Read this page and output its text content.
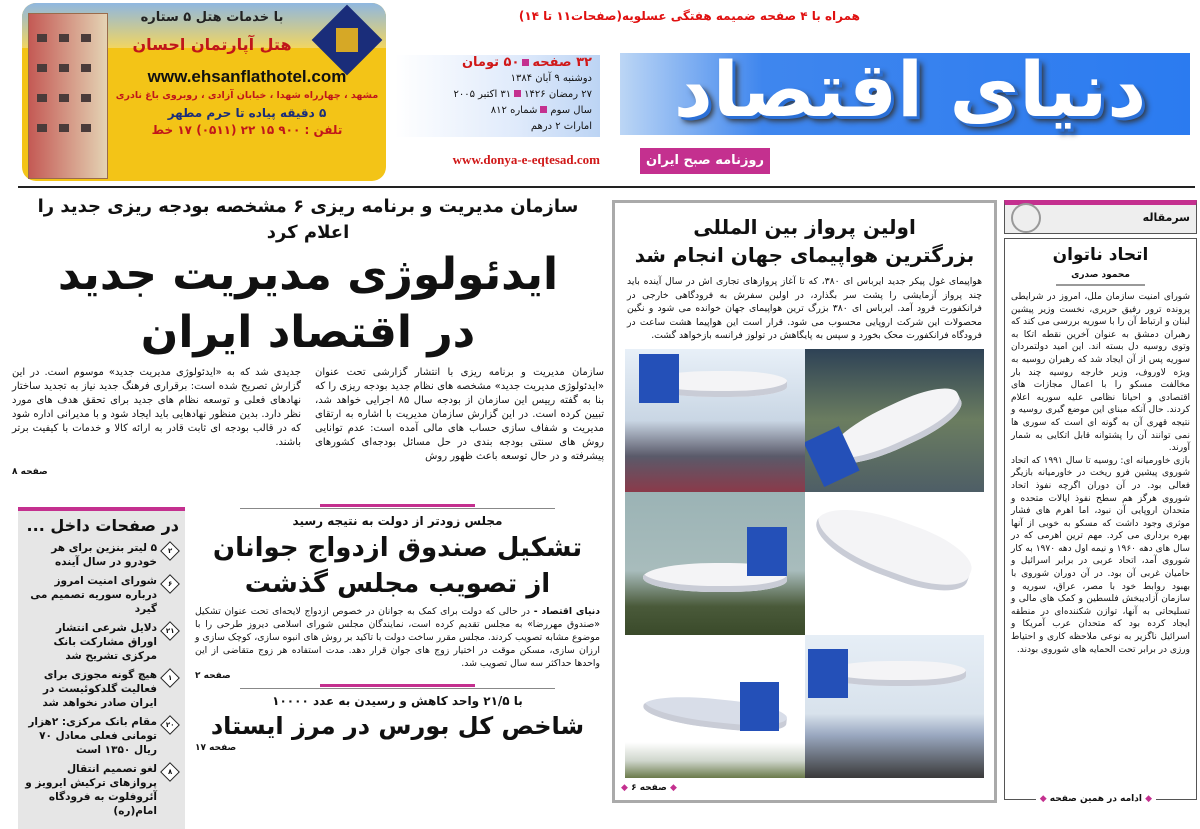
همراه با ۴ صفحه ضمیمه هفتگی عسلویه(صفحات۱۱ تا ۱۴)
دنیای اقتصاد
روزنامه صبح ایران
۳۲ صفحه۵۰ تومان
دوشنبه ۹ آبان ۱۳۸۴
۲۷ رمضان ۱۴۲۶۳۱ اکتبر ۲۰۰۵
سال سومشماره ۸۱۲
امارات ۲ درهم
www.donya-e-eqtesad.com
با خدمات هتل ۵ ستاره
هتل آپارتمان احسان
www.ehsanflathotel.com
مشهد ، چهارراه شهدا ، خیابان آزادی ، روبروی باغ نادری
۵ دقیقه پیاده تا حرم مطهر
تلفن : ۹۰۰ ۱۵ ۲۲ (۰۵۱۱) ۱۷ خط
سازمان مدیریت و برنامه ریزی ۶ مشخصه بودجه ریزی جدید را اعلام کرد
ایدئولوژی مدیریت جدید
در اقتصاد ایران
سازمان مدیریت و برنامه ریزی با انتشار گزارشی تحت عنوان «ایدئولوژی مدیریت جدید» مشخصه های نظام جدید بودجه ریزی را که بنا به گفته رییس این سازمان از بودجه سال ۸۵ اجرایی خواهد شد، تبیین کرده است. در این گزارش سازمان مدیریت با اشاره به ارتقای مدیریت و شفاف سازی حساب های مالی آمده است: عدم توانایی روش های سنتی بودجه بندی در حل مسائل بودجه‌ای کشورهای پیشرفته و در حال توسعه باعث ظهور روش
جدیدی شد که به «ایدئولوژی مدیریت جدید» موسوم است. در این گزارش تصریح شده است: برقراری فرهنگ جدید نیاز به تجدید ساختار نهادهای فعلی و توسعه نظام های جدید برای تحقق هدف های مورد نظر دارد. بدین منظور نهادهایی باید ایجاد شود و با مدیرانی اداره شود که در قالب بودجه ای ثابت قادر به ارائه کالا و خدمات با کیفیت برتر باشند.
صفحه ۸
در صفحات داخل ...
۲
۵ لیتر بنزین برای هر خودرو در سال آینده
۶
شورای امنیت امروز درباره سوریه تصمیم می گیرد
۲۱
دلایل شرعی انتشار اوراق مشارکت بانک مرکزی تشریح شد
۱
هیچ گونه مجوزی برای فعالیت گلدکوئیست در ایران صادر نخواهد شد
۲۰
مقام بانک مرکزی: ۲هزار تومانی فعلی معادل ۷۰ ریال ۱۳۵۰ است
۸
لغو تصمیم انتقال پروازهای ترکیش ایرویز و آئروفلوت به فرودگاه امام(ره)
مجلس زودتر از دولت به نتیجه رسید
تشکیل صندوق ازدواج جوانان
از تصویب مجلس گذشت
دنیای اقتصاد - در حالی که دولت برای کمک به جوانان در خصوص ازدواج لایحه‌ای تحت عنوان تشکیل «صندوق مهررضا» به مجلس تقدیم کرده است، نمایندگان مجلس شورای اسلامی دیروز طرحی را با موضوع مشابه تصویب کردند. مجلس مقرر ساخت دولت با تاکید بر روش های انبوه سازی، کوچک سازی و ارزان سازی، مسکن موقت در اختیار زوج های جوان قرار دهد. مدت استفاده هر زوج متقاضی از این واحدها حداکثر سه سال تصویب شد.
صفحه ۲
با ۲۱/۵ واحد کاهش و رسیدن به عدد ۱۰۰۰۰
شاخص کل بورس در مرز ایستاد
صفحه ۱۷
اولین پرواز بین المللی
بزرگترین هواپیمای جهان انجام شد
هواپیمای غول پیکر جدید ایرباس ای ۳۸۰، که تا آغاز پروازهای تجاری اش در سال آینده باید چند پرواز آزمایشی را پشت سر بگذارد، در اولین سفرش به فرودگاهی خارجی در فرانکفورت فرود آمد. ایرباس ای ۳۸۰ بزرگ ترین هواپیمای جهان خوانده می شود و نگین محصولات این شرکت اروپایی محسوب می شود. قرار است این هواپیما هشت ساعت در فرودگاه فرانکفورت محک بخورد و سپس به پایگاهش در تولوز فرانسه بازخواهد گشت.
◆ صفحه ۶ ◆
سرمقاله
اتحاد ناتوان
محمود صدری

شورای امنیت سازمان ملل، امروز در شرایطی پرونده ترور رفیق حریری، نخست وزیر پیشین لبنان و ارتباط آن را با سوریه بررسی می کند که رهبران دمشق به عنوان آخرین نقطه اتکا به وتوی روسیه دل بسته اند. این امید دولتمردان سوریه پس از آن ایجاد شد که رهبران روسیه به ویژه لاوروف، وزیر خارجه روسیه چند بار مخالفت مسکو را با اعمال مجازات های اقتصادی و احیانا نظامی علیه سوریه اعلام کردند. حال آنکه مبنای این موضع گیری روسیه و نتیجه قهری آن به گونه ای است که سوری ها نمی توانند آن را پشتوانه قابل اتکایی به شمار آورند.

بازی خاورمیانه ای: روسیه تا سال ۱۹۹۱ که اتحاد شوروی پیشین فرو ریخت در خاورمیانه بازیگر فعالی بود. در آن دوران اگرچه نفوذ اتحاد شوروی هرگز هم سطح نفوذ ایالات متحده و متحدان اروپایی آن نبود، اما اهرم های فشار موثری وجود داشت که مسکو به خوبی از آنها بهره برداری می کرد. مهم ترین اهرمی که در سال های دهه ۱۹۶۰ و نیمه اول دهه ۱۹۷۰ به کار شوروی آمد، اتحاد عربی در برابر اسرائیل و حامیان غربی آن بود. در آن دوران شوروی با بهبود روابط خود با مصر، عراق، سوریه و سازمان آزادیبخش فلسطین و کمک های مالی و تسلیحاتی به آنها، توازن شکننده‌ای در منطقه ایجاد کرده بود که متحدان عرب آمریکا و اسرائیل ناگزیر به نوعی ملاحظه کاری و احتیاط ورزی در برابر تحت الحمایه های شوروی بودند.

◆ ادامه در همین صفحه ◆
